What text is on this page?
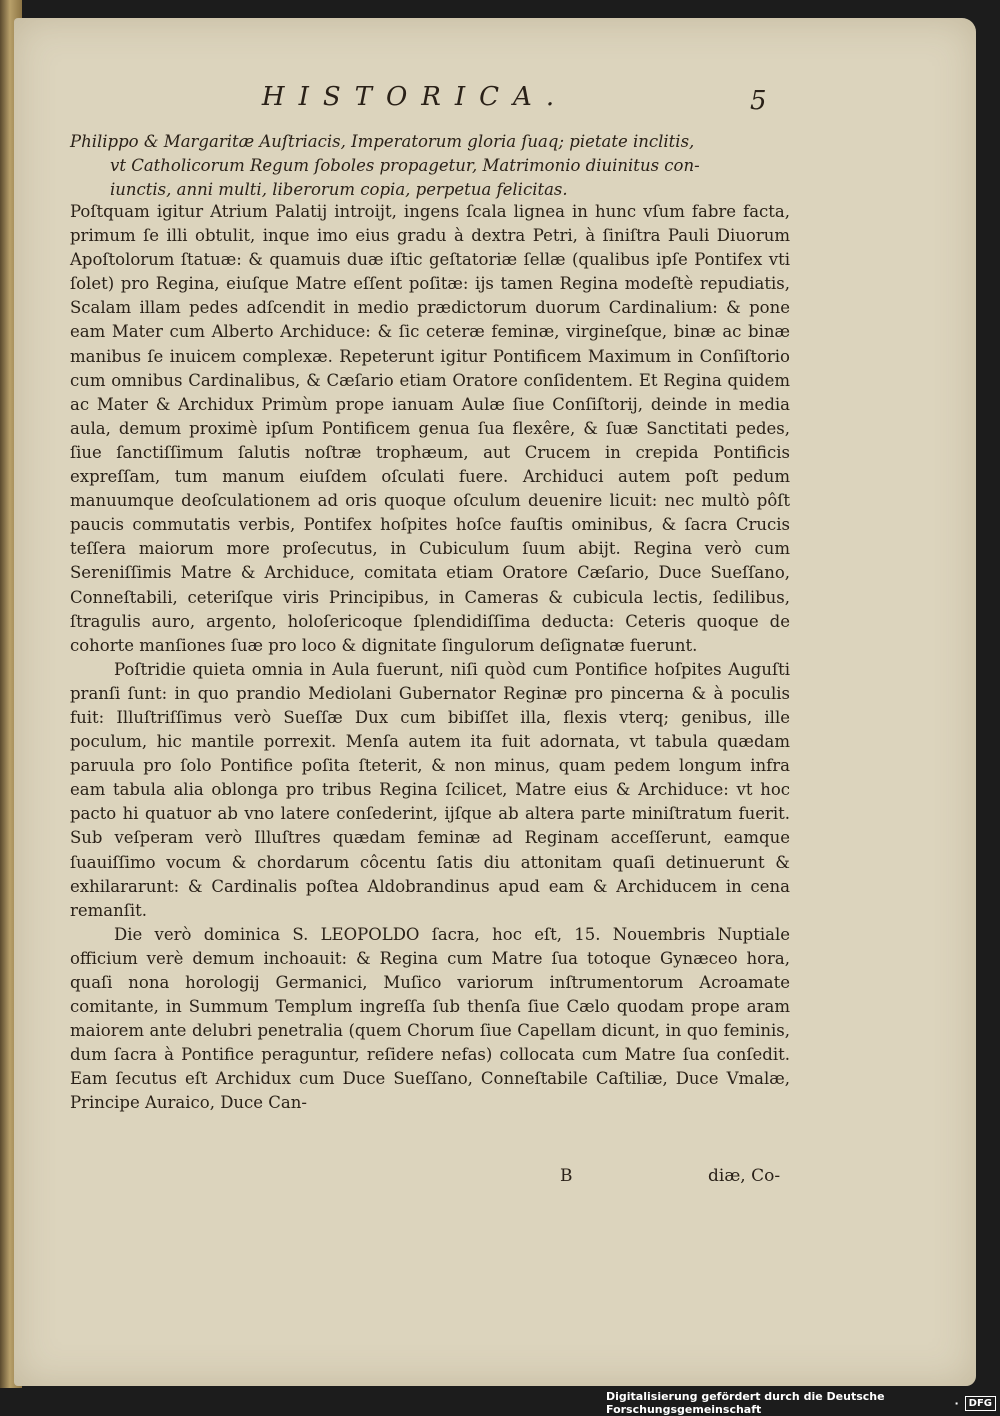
HISTORICA.	5
Philippo & Margaritæ Auſtriacis, Imperatorum gloria ſuaq; pietate inclitis,
vt Catholicorum Regum ſoboles propagetur, Matrimonio diuinitus con-
iunctis, anni multi, liberorum copia, perpetua felicitas.

Poſtquam igitur Atrium Palatij introijt, ingens ſcala lignea in hunc vſum fabre facta, primum ſe illi obtulit, inque imo eius gradu à dextra Petri, à ſiniſtra Pauli Diuorum Apoſtolorum ſtatuæ: & quamuis duæ iſtic geſtatoriæ ſellæ (qualibus ipſe Pontifex vti ſolet) pro Regina, eiuſque Matre eſſent poſitæ: ijs tamen Regina modeſtè repudiatis, Scalam illam pedes adſcendit in medio prædictorum duorum Cardinalium: & pone eam Mater cum Alberto Archiduce: & ſic ceteræ feminæ, virgineſque, binæ ac binæ manibus ſe inuicem complexæ. Repeterunt igitur Pontificem Maximum in Conſiſtorio cum omnibus Cardinalibus, & Cæſario etiam Oratore conſidentem. Et Regina quidem ac Mater & Archidux Primùm prope ianuam Aulæ ſiue Conſiſtorij, deinde in media aula, demum proximè ipſum Pontificem genua ſua flexêre, & ſuæ Sanctitati pedes, ſiue ſanctiſſimum ſalutis noſtræ trophæum, aut Crucem in crepida Pontificis expreſſam, tum manum eiuſdem oſculati fuere. Archiduci autem poſt pedum manuumque deoſculationem ad oris quoque oſculum deuenire licuit: nec multò pôſt paucis commutatis verbis, Pontifex hoſpites hoſce fauſtis ominibus, & ſacra Crucis teſſera maiorum more proſecutus, in Cubiculum ſuum abijt. Regina verò cum Sereniſſimis Matre & Archiduce, comitata etiam Oratore Cæſario, Duce Sueſſano, Conneſtabili, ceteriſque viris Principibus, in Cameras & cubicula lectis, ſedilibus, ſtragulis auro, argento, holoſericoque ſplendidiſſima deducta: Ceteris quoque de cohorte manſiones ſuæ pro loco & dignitate ſingulorum deſignatæ fuerunt.

Poſtridie quieta omnia in Aula fuerunt, niſi quòd cum Pontifice hoſpites Auguſti pranſi ſunt: in quo prandio Mediolani Gubernator Reginæ pro pincerna & à poculis fuit: Illuſtriſſimus verò Sueſſæ Dux cum bibiſſet illa, flexis vterq; genibus, ille poculum, hic mantile porrexit. Menſa autem ita fuit adornata, vt tabula quædam paruula pro ſolo Pontifice poſita ſteterit, & non minus, quam pedem longum infra eam tabula alia oblonga pro tribus Regina ſcilicet, Matre eius & Archiduce: vt hoc pacto hi quatuor ab vno latere conſederint, ijſque ab altera parte miniſtratum fuerit. Sub veſperam verò Illuſtres quædam feminæ ad Reginam acceſſerunt, eamque ſuauiſſimo vocum & chordarum côcentu ſatis diu attonitam quaſi detinuerunt & exhilararunt: & Cardinalis poſtea Aldobrandinus apud eam & Archiducem in cena remanſit.

Die verò dominica S. LEOPOLDO ſacra, hoc eſt, 15. Nouembris Nuptiale officium verè demum inchoauit: & Regina cum Matre ſua totoque Gynæceo hora, quaſi nona horologij Germanici, Muſico variorum inſtrumentorum Acroamate comitante, in Summum Templum ingreſſa ſub thenſa ſiue Cælo quodam prope aram maiorem ante delubri penetralia (quem Chorum ſiue Capellam dicunt, in quo feminis, dum ſacra à Pontifice peraguntur, reſidere nefas) collocata cum Matre ſua conſedit. Eam ſecutus eſt Archidux cum Duce Sueſſano, Conneſtabile Caſtiliæ, Duce Vmalæ, Principe Auraico, Duce Can-

B	diæ, Co-
Digitalisierung gefördert durch die Deutsche Forschungsgemeinschaft	·	DFG
